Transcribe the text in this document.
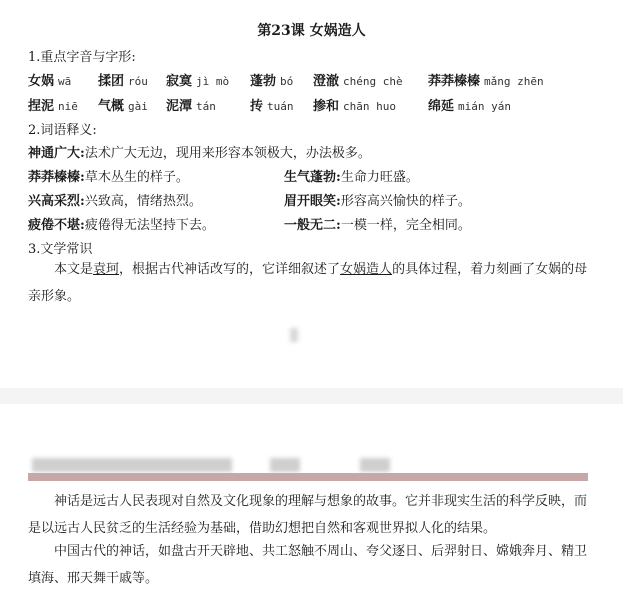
第23课 女娲造人
1.重点字音与字形:
女娲 wā 揉团 róu 寂寞 jì mò 蓬勃 bó 澄澈 chéng chè 莽莽榛榛 mǎng zhēn
捏泥 niē 气概 gài 泥潭 tán	抟 tuán 掺和 chān huo 绵延 mián yán
2.词语释义:
神通广大:法术广大无边，现用来形容本领极大，办法极多。
莽莽榛榛:草木丛生的样子。	生气蓬勃:生命力旺盛。
兴高采烈:兴致高，情绪热烈。	眉开眼笑:形容高兴愉快的样子。
疲倦不堪:疲倦得无法坚持下去。	一般无二:一模一样，完全相同。
3.文学常识
本文是袁珂，根据古代神话改写的，它详细叙述了女娲造人的具体过程，着力刻画了女娲的母亲形象。
神话是远古人民表现对自然及文化现象的理解与想象的故事。它并非现实生活的科学反映，而是以远古人民贫乏的生活经验为基础，借助幻想把自然和客观世界拟人化的结果。
中国古代的神话，如盘古开天辟地、共工怒触不周山、夸父逐日、后羿射日、嫦娥奔月、精卫填海、邢天舞干戚等。
